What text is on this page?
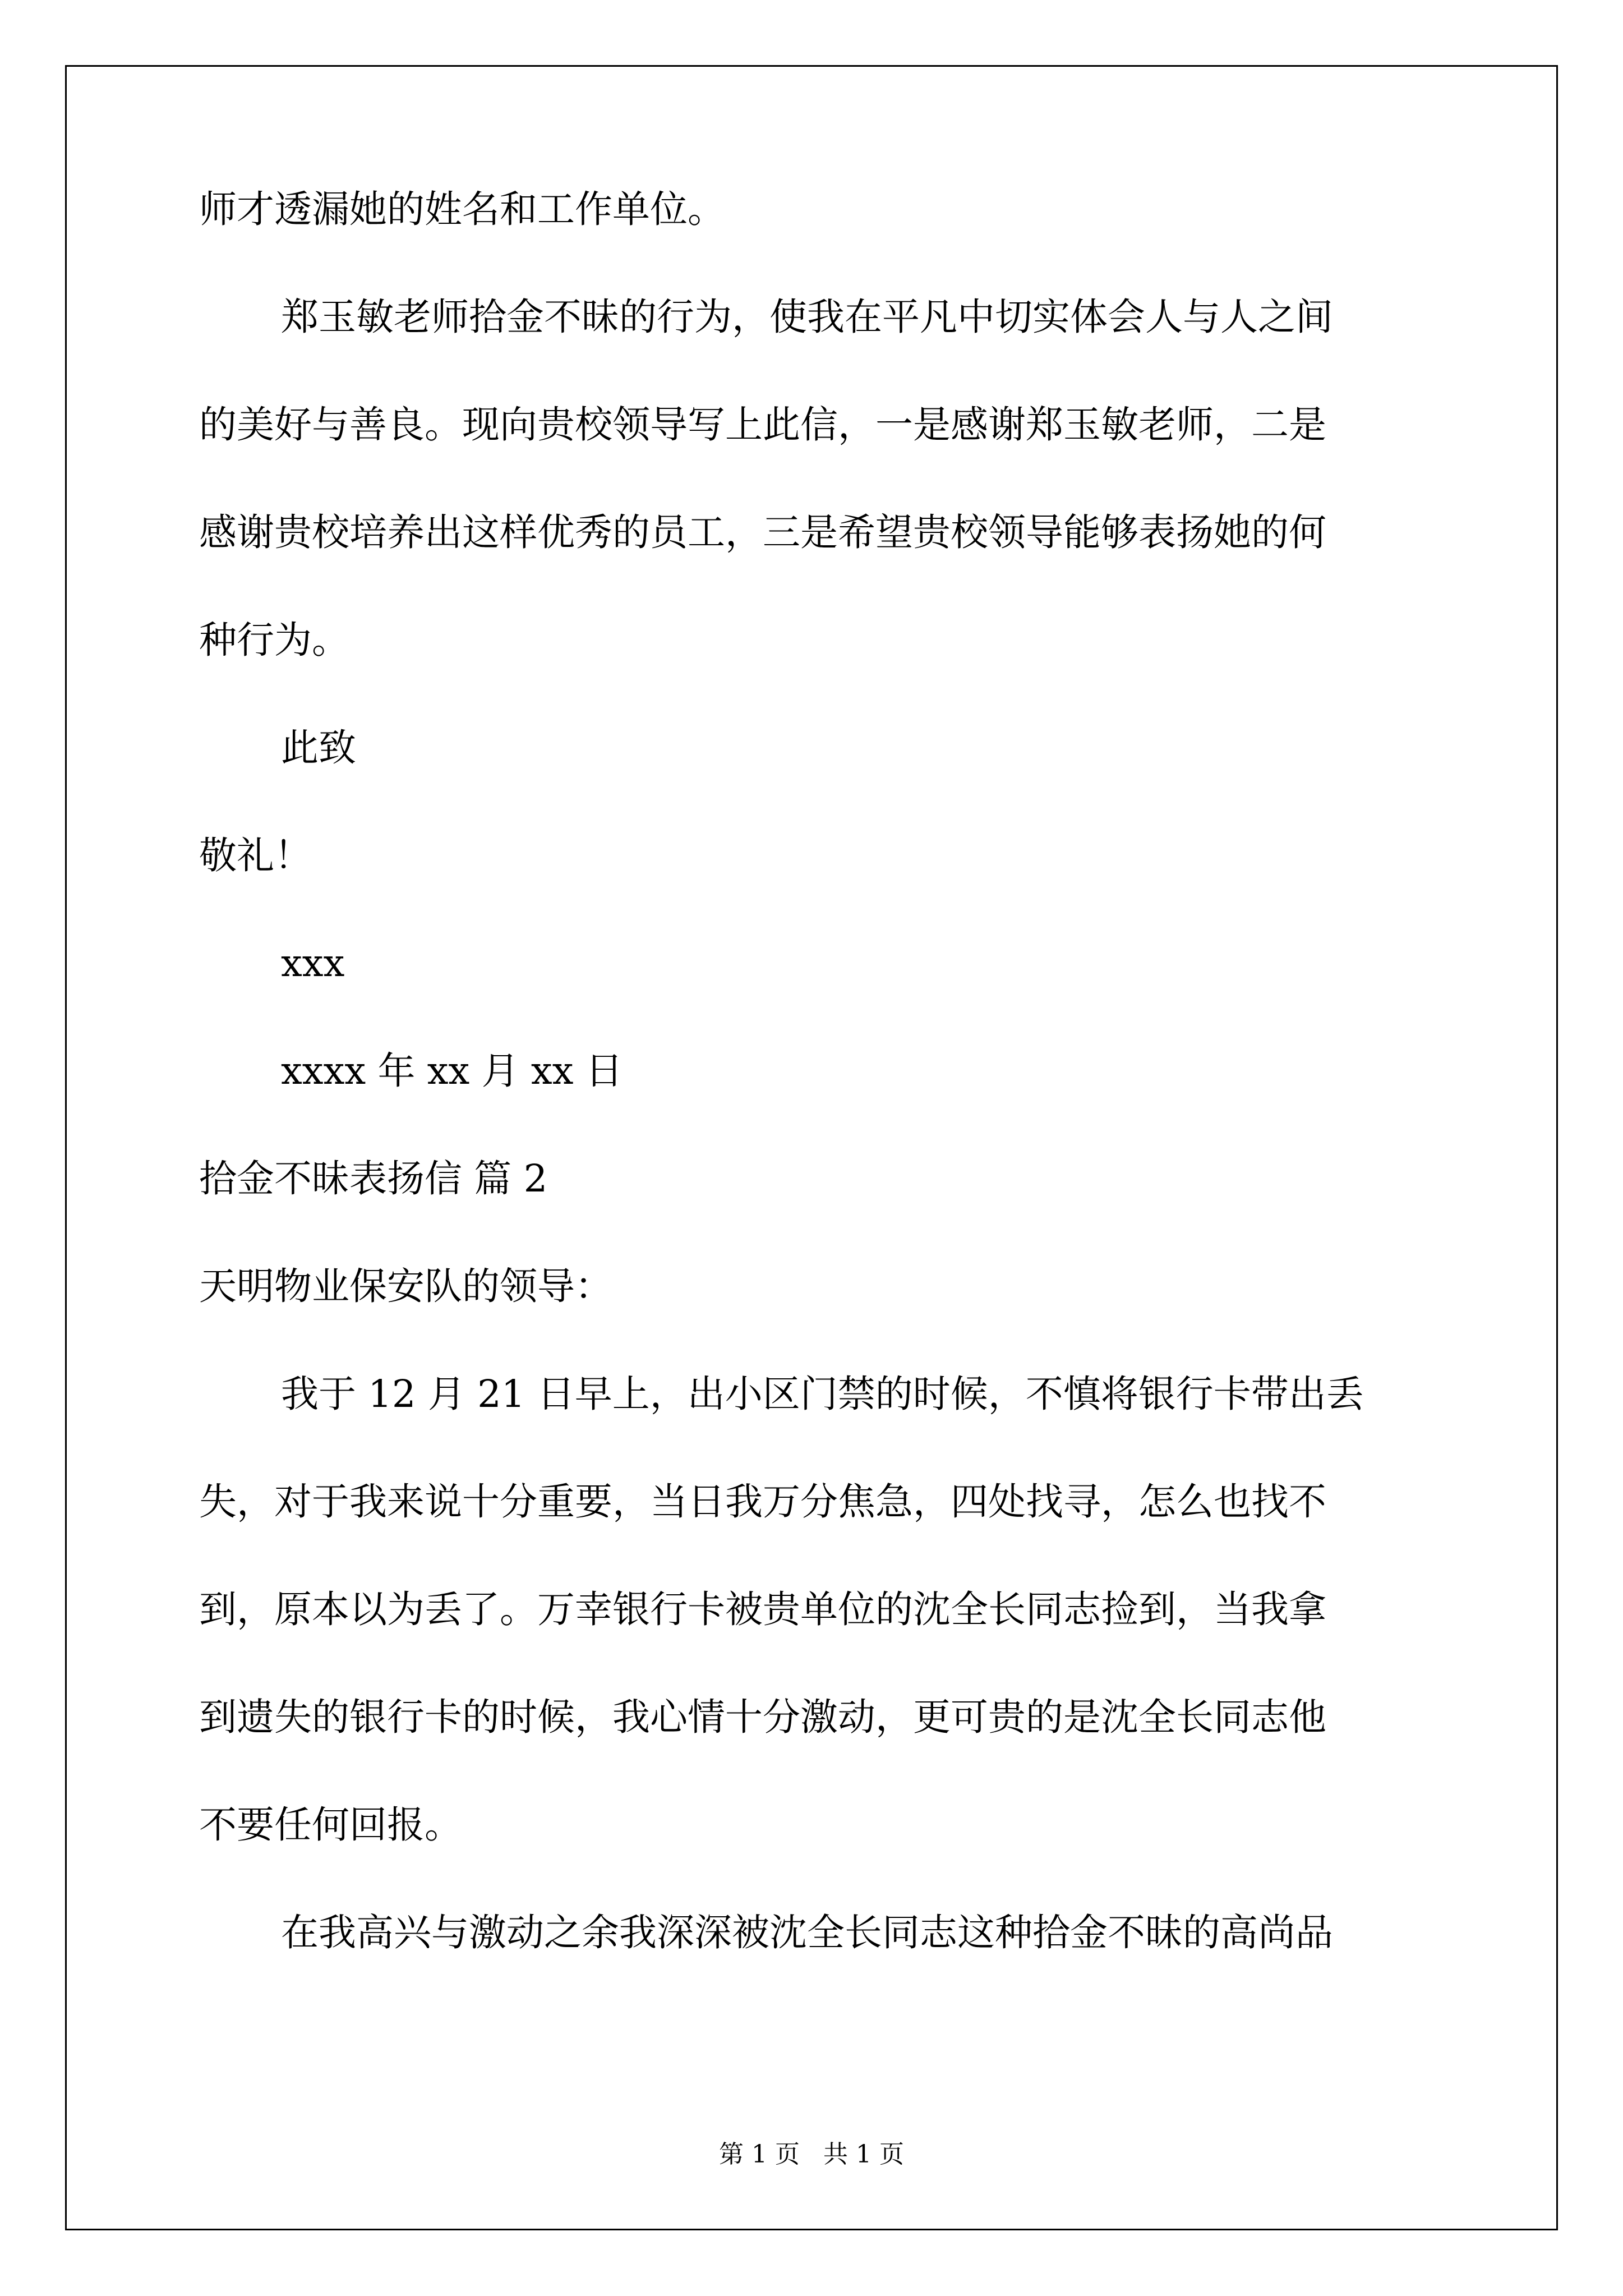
师才透漏她的姓名和工作单位。
郑玉敏老师拾金不昧的行为，使我在平凡中切实体会人与人之间
的美好与善良。现向贵校领导写上此信，一是感谢郑玉敏老师，二是
感谢贵校培养出这样优秀的员工，三是希望贵校领导能够表扬她的何
种行为。
此致
敬礼！
xxx
xxxx 年 xx 月 xx 日
拾金不昧表扬信 篇 2
天明物业保安队的领导：
我于 12 月 21 日早上，出小区门禁的时候，不慎将银行卡带出丢
失，对于我来说十分重要，当日我万分焦急，四处找寻，怎么也找不
到，原本以为丢了。万幸银行卡被贵单位的沈全长同志捡到，当我拿
到遗失的银行卡的时候，我心情十分激动，更可贵的是沈全长同志他
不要任何回报。
在我高兴与激动之余我深深被沈全长同志这种拾金不昧的高尚品
第 1 页   共 1 页
